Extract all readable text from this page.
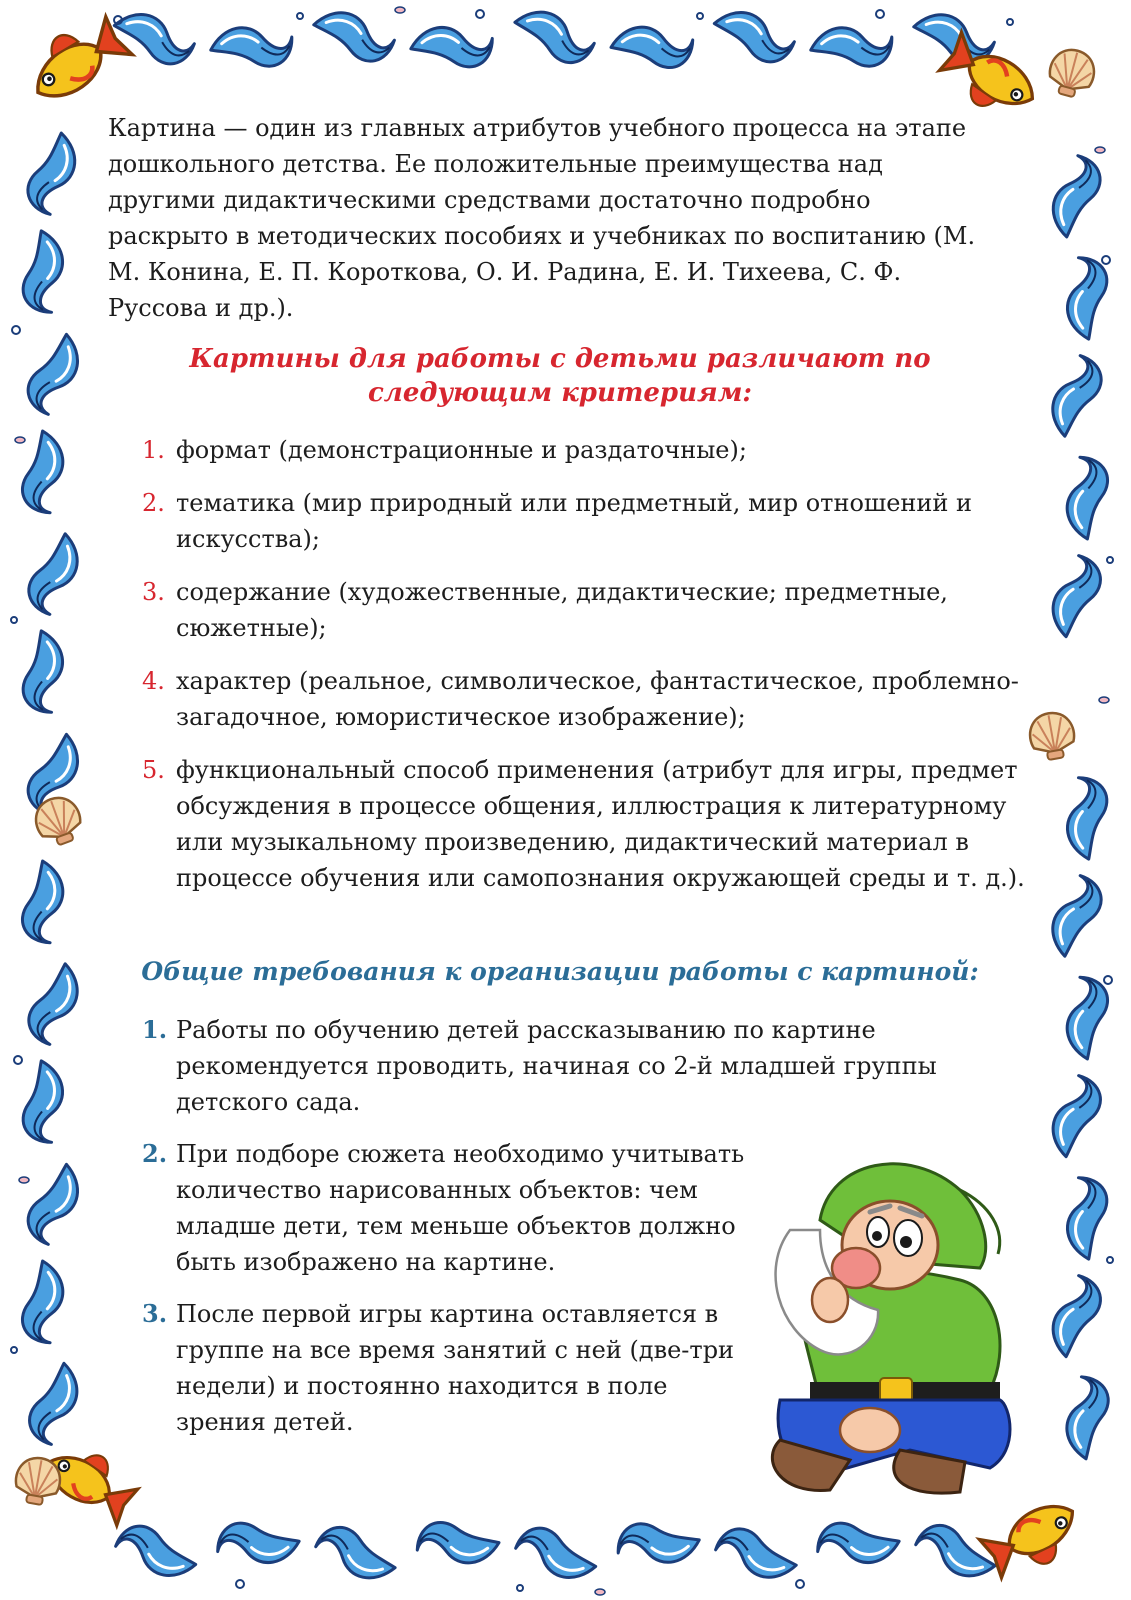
Картина — один из главных атрибутов учебного процесса на этапе дошкольного детства. Ее положительные преимущества над другими дидактическими средствами достаточно подробно раскрыто в методических пособиях и учебниках по воспитанию (М. М. Конина, Е. П. Короткова, О. И. Радина, Е. И. Тихеева, С. Ф. Руссова и др.).

Картины для работы с детьми различают по следующим критериям:
1. формат (демонстрационные и раздаточные);
2. тематика (мир природный или предметный, мир отношений и искусства);
3. содержание (художественные, дидактические; предметные, сюжетные);
4. характер (реальное, символическое, фантастическое, проблемно-загадочное, юмористическое изображение);
5. функциональный способ применения (атрибут для игры, предмет обсуждения в процессе общения, иллюстрация к литературному или музыкальному произведению, дидактический материал в процессе обучения или самопознания окружающей среды и т. д.).
Общие требования к организации работы с картиной:
1. Работы по обучению детей рассказыванию по картине рекомендуется проводить, начиная со 2-й младшей группы детского сада.
2. При подборе сюжета необходимо учитывать количество нарисованных объектов: чем младше дети, тем меньше объектов должно быть изображено на картине.
3. После первой игры картина оставляется в группе на все время занятий с ней (две-три недели) и постоянно находится в поле зрения детей.
